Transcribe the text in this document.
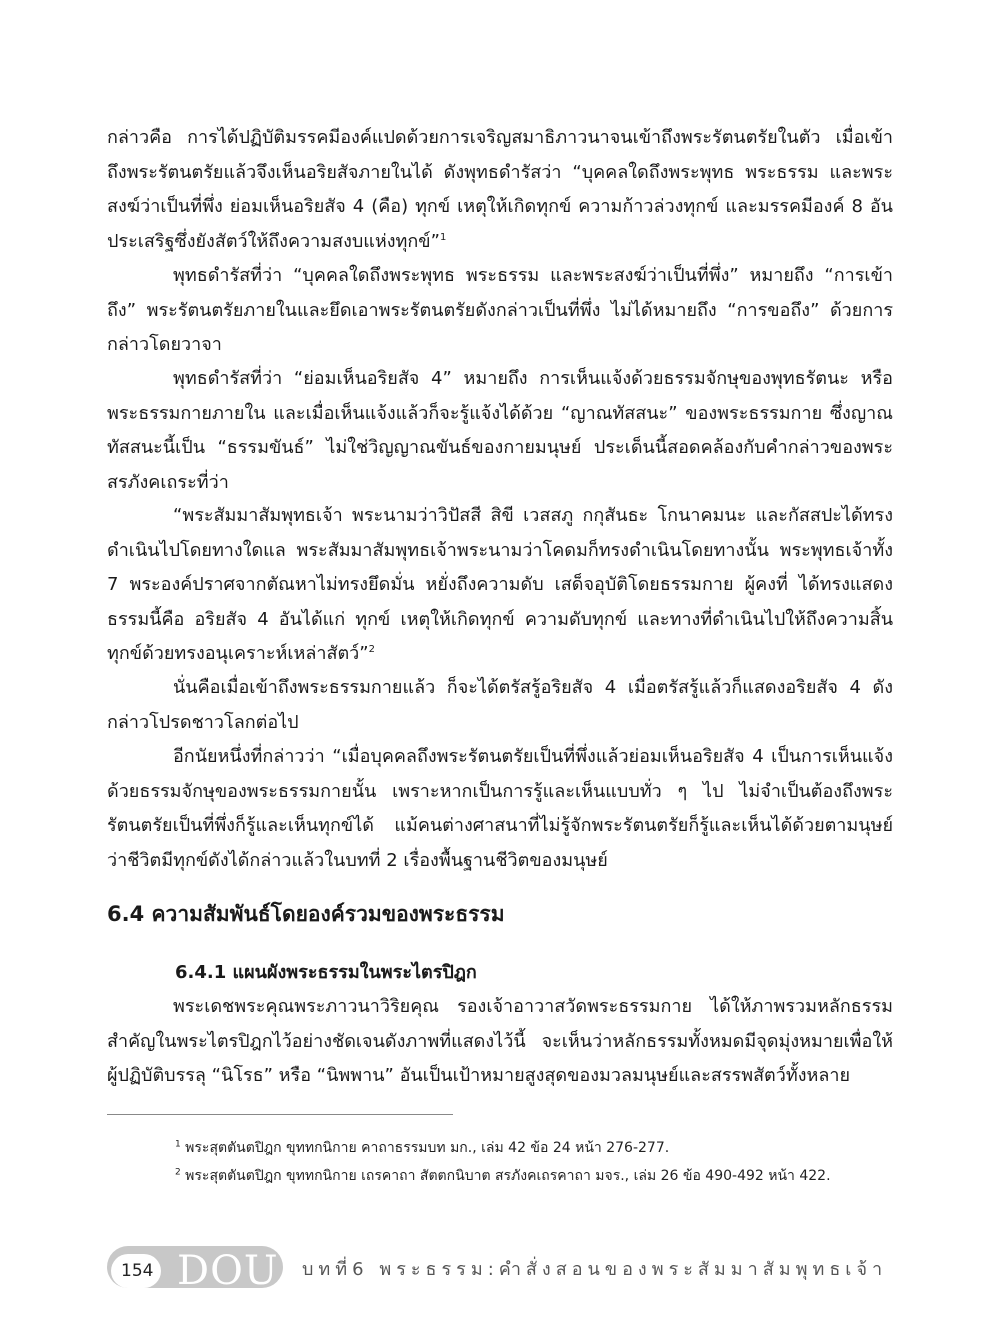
กล่าวคือ การได้ปฏิบัติมรรคมีองค์แปดด้วยการเจริญสมาธิภาวนาจนเข้าถึงพระรัตนตรัยในตัว เมื่อเข้าถึงพระรัตนตรัยแล้วจึงเห็นอริยสัจภายในได้ ดังพุทธดำรัสว่า “บุคคลใดถึงพระพุทธ พระธรรม และพระสงฆ์ว่าเป็นที่พึ่ง ย่อมเห็นอริยสัจ 4 (คือ) ทุกข์ เหตุให้เกิดทุกข์ ความก้าวล่วงทุกข์ และมรรคมีองค์ 8 อันประเสริฐซึ่งยังสัตว์ให้ถึงความสงบแห่งทุกข์”$^1$

พุทธดำรัสที่ว่า “บุคคลใดถึงพระพุทธ พระธรรม และพระสงฆ์ว่าเป็นที่พึ่ง” หมายถึง “การเข้าถึง” พระรัตนตรัยภายในและยึดเอาพระรัตนตรัยดังกล่าวเป็นที่พึ่ง ไม่ได้หมายถึง “การขอถึง” ด้วยการกล่าวโดยวาจา

พุทธดำรัสที่ว่า “ย่อมเห็นอริยสัจ 4” หมายถึง การเห็นแจ้งด้วยธรรมจักษุของพุทธรัตนะ หรือพระธรรมกายภายใน และเมื่อเห็นแจ้งแล้วก็จะรู้แจ้งได้ด้วย “ญาณทัสสนะ” ของพระธรรมกาย ซึ่งญาณทัสสนะนี้เป็น “ธรรมขันธ์” ไม่ใช่วิญญาณขันธ์ของกายมนุษย์ ประเด็นนี้สอดคล้องกับคำกล่าวของพระสรภังคเถระที่ว่า

“พระสัมมาสัมพุทธเจ้า พระนามว่าวิปัสสี สิขี เวสสภู กกุสันธะ โกนาคมนะ และกัสสปะได้ทรงดำเนินไปโดยทางใดแล พระสัมมาสัมพุทธเจ้าพระนามว่าโคดมก็ทรงดำเนินโดยทางนั้น พระพุทธเจ้าทั้ง 7 พระองค์ปราศจากตัณหาไม่ทรงยึดมั่น หยั่งถึงความดับ เสด็จอุบัติโดยธรรมกาย ผู้คงที่ ได้ทรงแสดงธรรมนี้คือ อริยสัจ 4 อันได้แก่ ทุกข์ เหตุให้เกิดทุกข์ ความดับทุกข์ และทางที่ดำเนินไปให้ถึงความสิ้นทุกข์ด้วยทรงอนุเคราะห์เหล่าสัตว์”$^2$

นั่นคือเมื่อเข้าถึงพระธรรมกายแล้ว ก็จะได้ตรัสรู้อริยสัจ 4 เมื่อตรัสรู้แล้วก็แสดงอริยสัจ 4 ดังกล่าวโปรดชาวโลกต่อไป

อีกนัยหนึ่งที่กล่าวว่า “เมื่อบุคคลถึงพระรัตนตรัยเป็นที่พึ่งแล้วย่อมเห็นอริยสัจ 4 เป็นการเห็นแจ้งด้วยธรรมจักษุของพระธรรมกายนั้น เพราะหากเป็นการรู้และเห็นแบบทั่ว ๆ ไป ไม่จำเป็นต้องถึงพระรัตนตรัยเป็นที่พึ่งก็รู้และเห็นทุกข์ได้ แม้คนต่างศาสนาที่ไม่รู้จักพระรัตนตรัยก็รู้และเห็นได้ด้วยตามนุษย์ว่าชีวิตมีทุกข์ดังได้กล่าวแล้วในบทที่ 2 เรื่องพื้นฐานชีวิตของมนุษย์

6.4 ความสัมพันธ์โดยองค์รวมของพระธรรม
6.4.1 แผนผังพระธรรมในพระไตรปิฎก

พระเดชพระคุณพระภาวนาวิริยคุณ รองเจ้าอาวาสวัดพระธรรมกาย ได้ให้ภาพรวมหลักธรรมสำคัญในพระไตรปิฎกไว้อย่างชัดเจนดังภาพที่แสดงไว้นี้ จะเห็นว่าหลักธรรมทั้งหมดมีจุดมุ่งหมายเพื่อให้ผู้ปฏิบัติบรรลุ “นิโรธ” หรือ “นิพพาน” อันเป็นเป้าหมายสูงสุดของมวลมนุษย์และสรรพสัตว์ทั้งหลาย

$^1$ พระสุตตันตปิฎก ขุททกนิกาย คาถาธรรมบท มก., เล่ม 42 ข้อ 24 หน้า 276-277.

$^2$ พระสุตตันตปิฎก ขุททกนิกาย เถรคาถา สัตตกนิบาต สรภังคเถรคาถา มจร., เล่ม 26 ข้อ 490-492 หน้า 422.

154 DOU บทที่6 พระธรรม:คำสั่งสอนของพระสัมมาสัมพุทธเจ้า
